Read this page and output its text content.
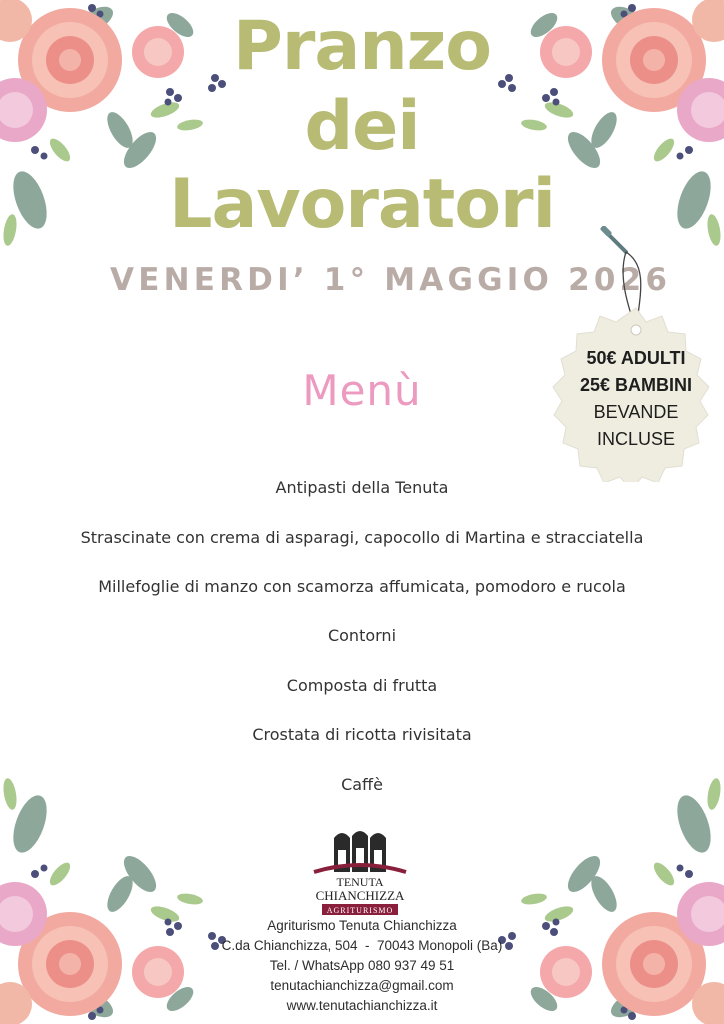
Pranzo
dei
Lavoratori
VENERDI’ 1° MAGGIO 2026
50€ ADULTI
25€ BAMBINI
BEVANDE
INCLUSE
Menù
Antipasti della Tenuta
Strascinate con crema di asparagi, capocollo di Martina e stracciatella
Millefoglie di manzo con scamorza affumicata, pomodoro e rucola
Contorni
Composta di frutta
Crostata di ricotta rivisitata
Caffè
TENUTA
CHIANCHIZZA
AGRITURISMO
Agriturismo Tenuta Chianchizza
C.da Chianchizza, 504  -  70043 Monopoli (Ba)
Tel. / WhatsApp 080 937 49 51
tenutachianchizza@gmail.com
www.tenutachianchizza.it
